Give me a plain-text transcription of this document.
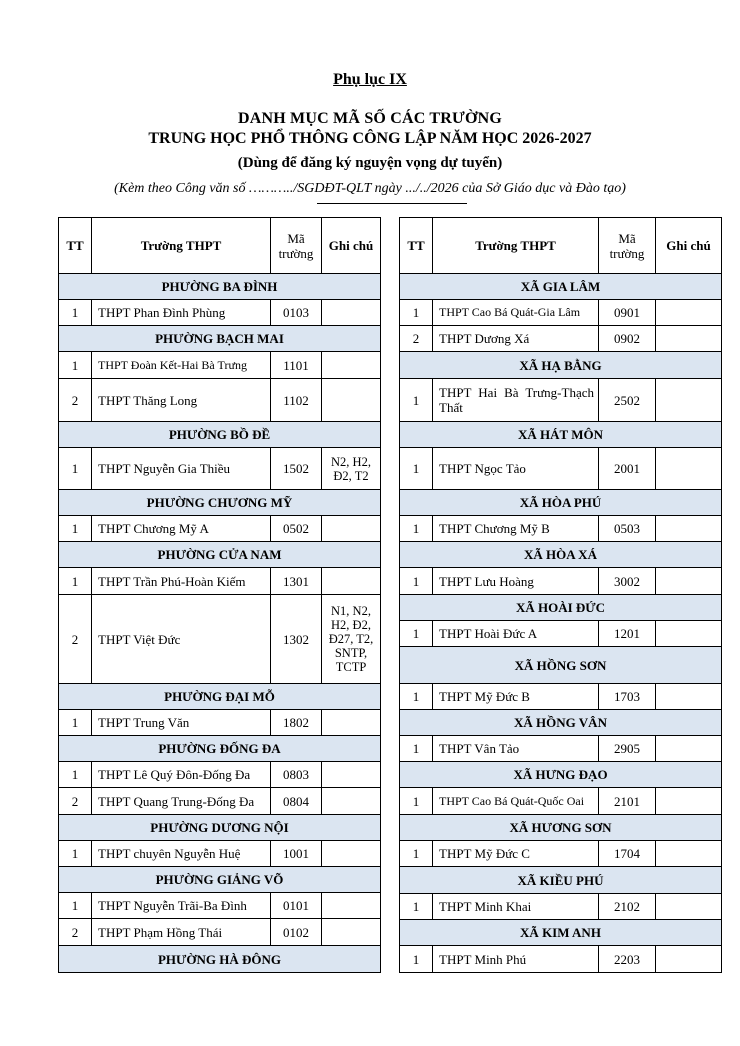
Phụ lục IX
DANH MỤC MÃ SỐ CÁC TRƯỜNG
TRUNG HỌC PHỔ THÔNG CÔNG LẬP NĂM HỌC 2026-2027
(Dùng để đăng ký nguyện vọng dự tuyển)
(Kèm theo Công văn số ………../SGDĐT-QLT ngày .../../2026 của Sở Giáo dục và Đào tạo)
TT	Trường THPT	Mã trường	Ghi chú
PHƯỜNG BA ĐÌNH			
1	THPT Phan Đình Phùng	0103	
PHƯỜNG BẠCH MAI			
1	THPT Đoàn Kết-Hai Bà Trưng	1101	
2	THPT Thăng Long	1102	
PHƯỜNG BỒ ĐỀ			
1	THPT Nguyễn Gia Thiều	1502	N2, H2, Đ2, T2
PHƯỜNG CHƯƠNG MỸ			
1	THPT Chương Mỹ A	0502	
PHƯỜNG CỬA NAM			
1	THPT Trần Phú-Hoàn Kiếm	1301	
2	THPT Việt Đức	1302	N1, N2, H2, Đ2, Đ27, T2, SNTP, TCTP
PHƯỜNG ĐẠI MỖ			
1	THPT Trung Văn	1802	
PHƯỜNG ĐỐNG ĐA			
1	THPT Lê Quý Đôn-Đống Đa	0803	
2	THPT Quang Trung-Đống Đa	0804	
PHƯỜNG DƯƠNG NỘI			
1	THPT chuyên Nguyễn Huệ	1001	
PHƯỜNG GIẢNG VÕ			
1	THPT Nguyễn Trãi-Ba Đình	0101	
2	THPT Phạm Hồng Thái	0102	
PHƯỜNG HÀ ĐÔNG			
TT	Trường THPT	Mã trường	Ghi chú
XÃ GIA LÂM			
1	THPT Cao Bá Quát-Gia Lâm	0901	
2	THPT Dương Xá	0902	
XÃ HẠ BẰNG			
1	THPT Hai Bà Trưng-Thạch Thất	2502	
XÃ HÁT MÔN			
1	THPT Ngọc Tảo	2001	
XÃ HÒA PHÚ			
1	THPT Chương Mỹ B	0503	
XÃ HÒA XÁ			
1	THPT Lưu Hoàng	3002	
XÃ HOÀI ĐỨC			
1	THPT Hoài Đức A	1201	
XÃ HỒNG SƠN			
1	THPT Mỹ Đức B	1703	
XÃ HỒNG VÂN			
1	THPT Vân Tảo	2905	
XÃ HƯNG ĐẠO			
1	THPT Cao Bá Quát-Quốc Oai	2101	
XÃ HƯƠNG SƠN			
1	THPT Mỹ Đức C	1704	
XÃ KIỀU PHÚ			
1	THPT Minh Khai	2102	
XÃ KIM ANH			
1	THPT Minh Phú	2203	
